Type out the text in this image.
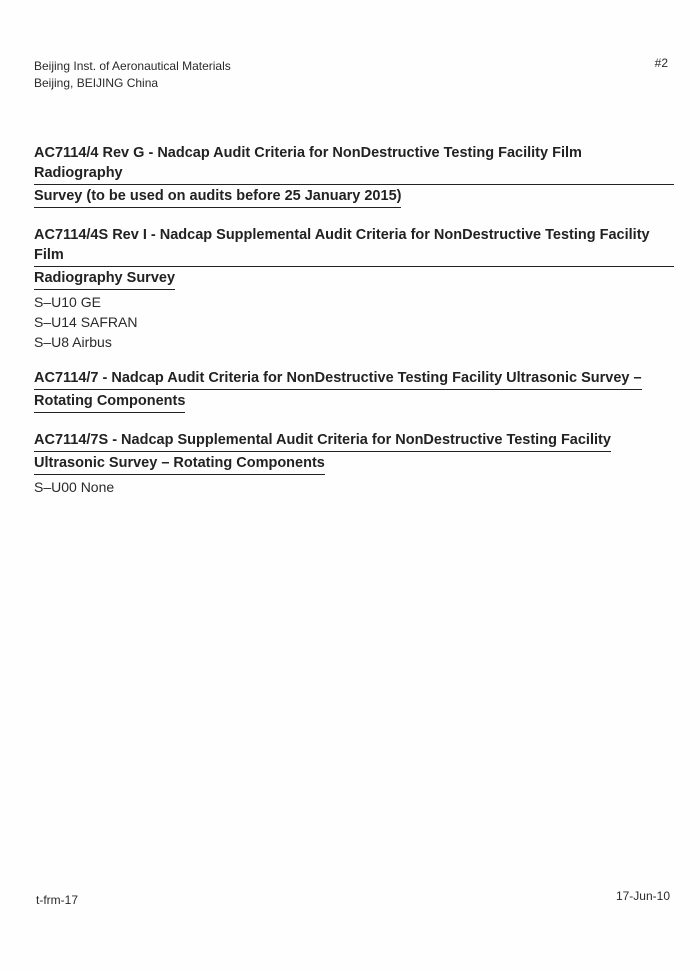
Beijing Inst. of Aeronautical Materials
Beijing, BEIJING China
#2
AC7114/4 Rev G - Nadcap Audit Criteria for NonDestructive Testing Facility Film Radiography
Survey (to be used on audits before 25 January 2015)
AC7114/4S Rev I - Nadcap Supplemental Audit Criteria for NonDestructive Testing Facility Film
Radiography Survey
S–U10 GE
S–U14 SAFRAN
S–U8 Airbus
AC7114/7 - Nadcap Audit Criteria for NonDestructive Testing Facility Ultrasonic Survey –
Rotating Components
AC7114/7S - Nadcap Supplemental Audit Criteria for NonDestructive Testing Facility
Ultrasonic Survey – Rotating Components
S–U00 None
t-frm-17	17-Jun-10
